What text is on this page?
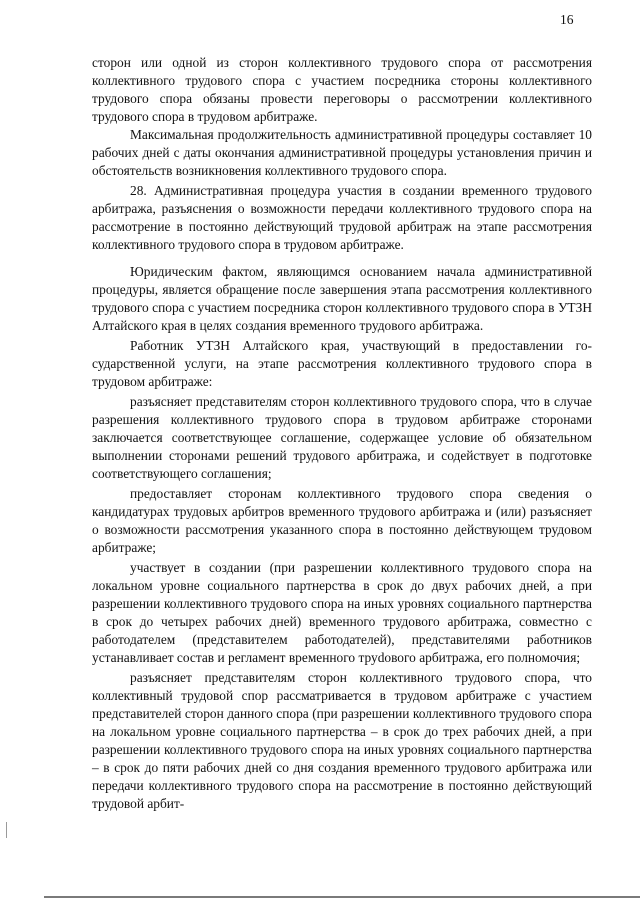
16

сторон или одной из сторон коллективного трудового спора от рассмотрения коллективного трудового спора с участием посредника стороны коллективного трудового спора обязаны провести переговоры о рассмотрении коллективного трудового спора в трудовом арбитраже.

Максимальная продолжительность административной процедуры составляет 10 рабочих дней с даты окончания административной процедуры установления причин и обстоятельств возникновения коллективного трудового спора.

28. Административная процедура участия в создании временного трудового арбитража, разъяснения о возможности передачи коллективного трудового спора на рассмотрение в постоянно действующий трудовой арбитраж на этапе рассмотрения коллективного трудового спора в трудовом арбитраже.

Юридическим фактом, являющимся основанием начала административной процедуры, является обращение после завершения этапа рассмотрения коллективного трудового спора с участием посредника сторон коллективного трудового спора в УТЗН Алтайского края в целях создания временного трудового арбитража.

Работник УТЗН Алтайского края, участвующий в предоставлении государственной услуги, на этапе рассмотрения коллективного трудового спора в трудовом арбитраже:

разъясняет представителям сторон коллективного трудового спора, что в случае разрешения коллективного трудового спора в трудовом арбитраже сторонами заключается соответствующее соглашение, содержащее условие об обязательном выполнении сторонами решений трудового арбитража, и содействует в подготовке соответствующего соглашения;

предоставляет сторонам коллективного трудового спора сведения о кандидатурах трудовых арбитров временного трудового арбитража и (или) разъясняет о возможности рассмотрения указанного спора в постоянно действующем трудовом арбитраже;

участвует в создании (при разрешении коллективного трудового спора на локальном уровне социального партнерства в срок до двух рабочих дней, а при разрешении коллективного трудового спора на иных уровнях социального партнерства в срок до четырех рабочих дней) временного трудового арбитража, совместно с работодателем (представителем работодателей), представителями работников устанавливает состав и регламент временного труdового арбитража, его полномочия;

разъясняет представителям сторон коллективного трудового спора, что коллективный трудовой спор рассматривается в трудовом арбитраже с участием представителей сторон данного спора (при разрешении коллективного трудового спора на локальном уровне социального партнерства – в срок до трех рабочих дней, а при разрешении коллективного трудового спора на иных уровнях социального партнерства – в срок до пяти рабочих дней со дня создания временного трудового арбитража или передачи коллективного трудового спора на рассмотрение в постоянно действующий трудовой арбит-
